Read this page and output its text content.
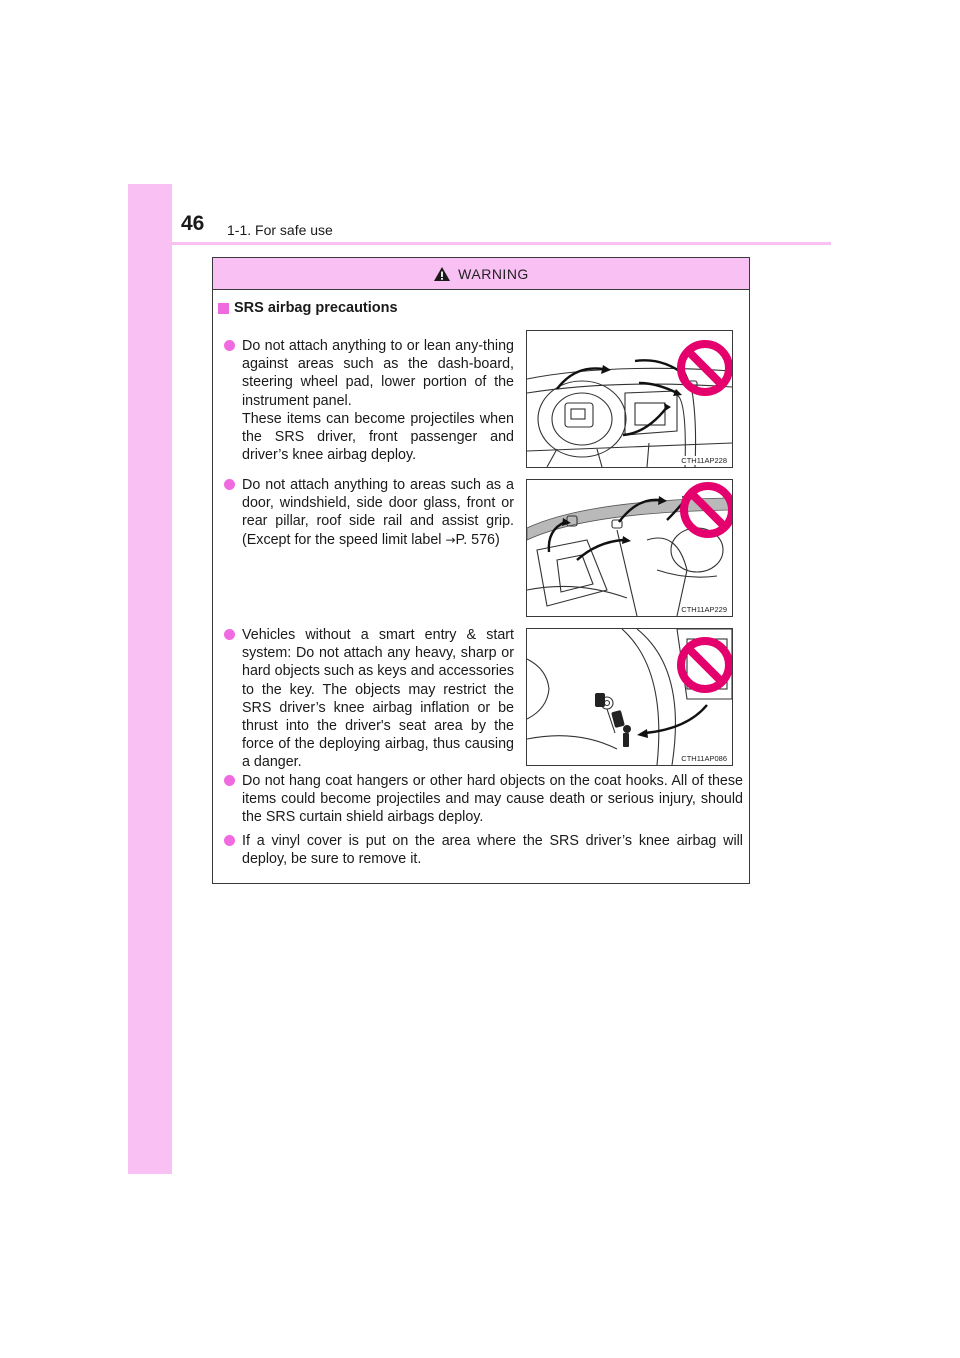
46 1-1. For safe use
WARNING
SRS airbag precautions
Do not attach anything to or lean any-thing against areas such as the dash-board, steering wheel pad, lower portion of the instrument panel.
These items can become projectiles when the SRS driver, front passenger and driver’s knee airbag deploy.
Do not attach anything to areas such as a door, windshield, side door glass, front or rear pillar, roof side rail and assist grip. (Except for the speed limit label →P. 576)
Vehicles without a smart entry & start system: Do not attach any heavy, sharp or hard objects such as keys and accessories to the key. The objects may restrict the SRS driver’s knee airbag inflation or be thrust into the driver's seat area by the force of the deploying airbag, thus causing a danger.
Do not hang coat hangers or other hard objects on the coat hooks. All of these items could become projectiles and may cause death or serious injury, should the SRS curtain shield airbags deploy.
If a vinyl cover is put on the area where the SRS driver’s knee airbag will deploy, be sure to remove it.
CTH11AP228
CTH11AP229
CTH11AP086
